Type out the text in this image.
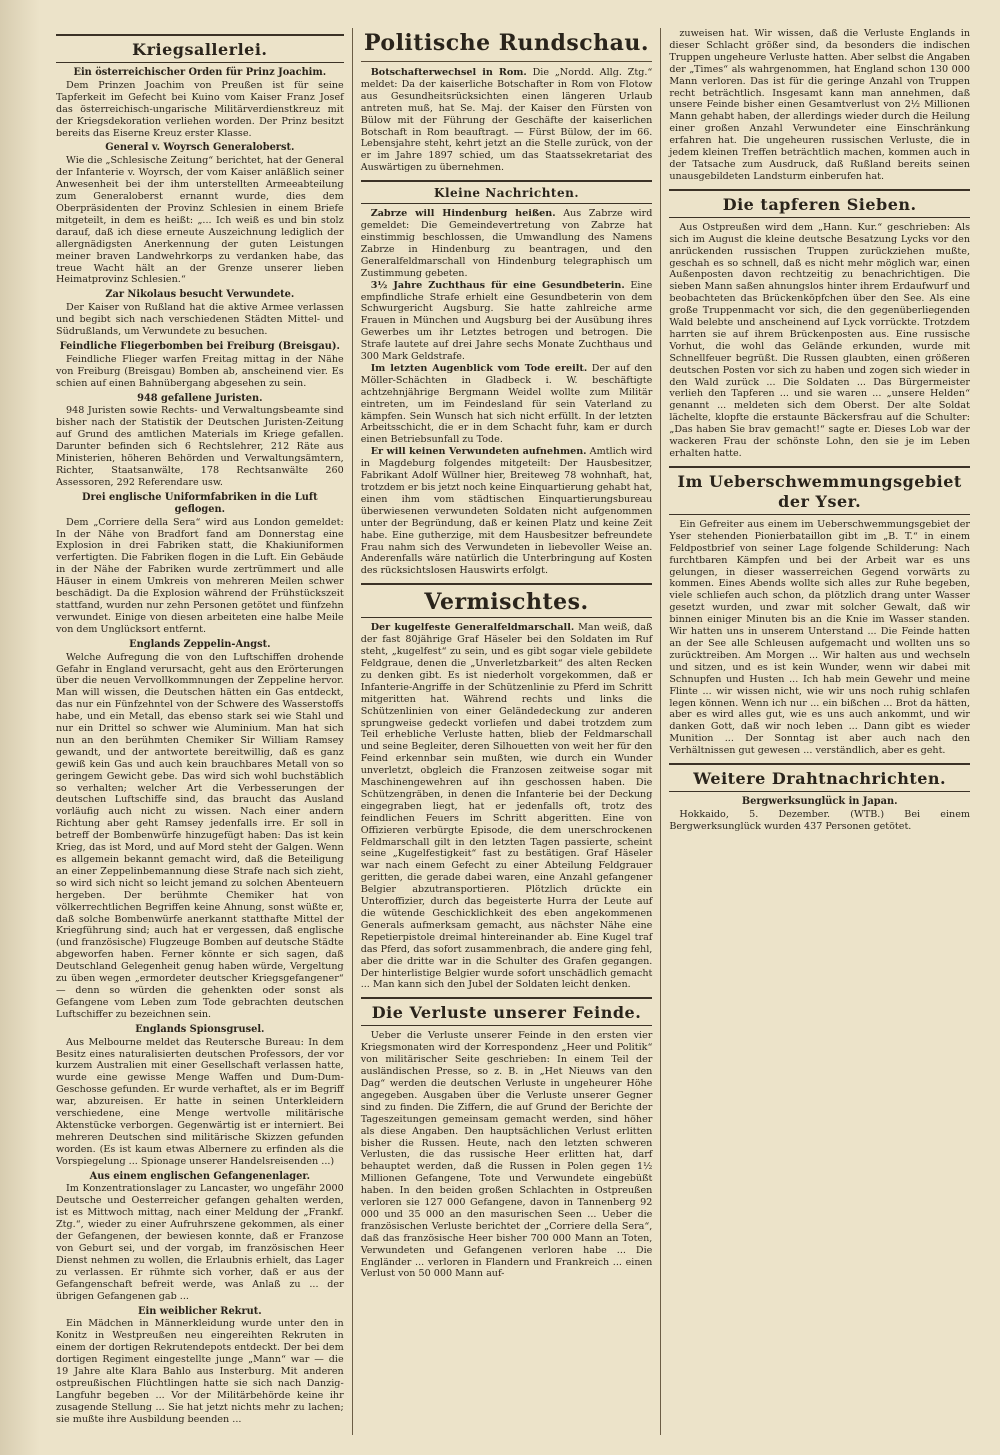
Kriegsallerlei.
Ein österreichischer Orden für Prinz Joachim.

Dem Prinzen Joachim von Preußen ist für seine Tapferkeit im Gefecht bei Kuino vom Kaiser Franz Josef das österreichisch-ungarische Militärverdienstkreuz mit der Kriegsdekoration verliehen worden. Der Prinz besitzt bereits das Eiserne Kreuz erster Klasse.

General v. Woyrsch Generaloberst.

Wie die „Schlesische Zeitung“ berichtet, hat der General der Infanterie v. Woyrsch, der vom Kaiser anläßlich seiner Anwesenheit bei der ihm unterstellten Armeeabteilung zum Generaloberst ernannt wurde, dies dem Oberpräsidenten der Provinz Schlesien in einem Briefe mitgeteilt, in dem es heißt: „... Ich weiß es und bin stolz darauf, daß ich diese erneute Auszeichnung lediglich der allergnädigsten Anerkennung der guten Leistungen meiner braven Landwehrkorps zu verdanken habe, das treue Wacht hält an der Grenze unserer lieben Heimatprovinz Schlesien.“

Zar Nikolaus besucht Verwundete.

Der Kaiser von Rußland hat die aktive Armee verlassen und begibt sich nach verschiedenen Städten Mittel- und Südrußlands, um Verwundete zu besuchen.

Feindliche Fliegerbomben bei Freiburg (Breisgau).

Feindliche Flieger warfen Freitag mittag in der Nähe von Freiburg (Breisgau) Bomben ab, anscheinend vier. Es schien auf einen Bahnübergang abgesehen zu sein.

948 gefallene Juristen.

948 Juristen sowie Rechts- und Verwaltungsbeamte sind bisher nach der Statistik der Deutschen Juristen-Zeitung auf Grund des amtlichen Materials im Kriege gefallen. Darunter befinden sich 6 Rechtslehrer, 212 Räte aus Ministerien, höheren Behörden und Verwaltungsämtern, Richter, Staatsanwälte, 178 Rechtsanwälte 260 Assessoren, 292 Referendare usw.

Drei englische Uniformfabriken in die Luft geflogen.

Dem „Corriere della Sera“ wird aus London gemeldet: In der Nähe von Bradfort fand am Donnerstag eine Explosion in drei Fabriken statt, die Khakiuniformen verfertigten. Die Fabriken flogen in die Luft. Ein Gebäude in der Nähe der Fabriken wurde zertrümmert und alle Häuser in einem Umkreis von mehreren Meilen schwer beschädigt. Da die Explosion während der Frühstückszeit stattfand, wurden nur zehn Personen getötet und fünfzehn verwundet. Einige von diesen arbeiteten eine halbe Meile von dem Unglücksort entfernt.

Englands Zeppelin-Angst.

Welche Aufregung die von den Luftschiffen drohende Gefahr in England verursacht, geht aus den Erörterungen über die neuen Vervollkommnungen der Zeppeline hervor. Man will wissen, die Deutschen hätten ein Gas entdeckt, das nur ein Fünfzehntel von der Schwere des Wasserstoffs habe, und ein Metall, das ebenso stark sei wie Stahl und nur ein Drittel so schwer wie Aluminium. Man hat sich nun an den berühmten Chemiker Sir William Ramsey gewandt, und der antwortete bereitwillig, daß es ganz gewiß kein Gas und auch kein brauchbares Metall von so geringem Gewicht gebe. Das wird sich wohl buchstäblich so verhalten; welcher Art die Verbesserungen der deutschen Luftschiffe sind, das braucht das Ausland vorläufig auch nicht zu wissen. Nach einer andern Richtung aber geht Ramsey jedenfalls irre. Er soll in betreff der Bombenwürfe hinzugefügt haben: Das ist kein Krieg, das ist Mord, und auf Mord steht der Galgen. Wenn es allgemein bekannt gemacht wird, daß die Beteiligung an einer Zeppelinbemannung diese Strafe nach sich zieht, so wird sich nicht so leicht jemand zu solchen Abenteuern hergeben. Der berühmte Chemiker hat von völkerrechtlichen Begriffen keine Ahnung, sonst wüßte er, daß solche Bombenwürfe anerkannt statthafte Mittel der Kriegführung sind; auch hat er vergessen, daß englische (und französische) Flugzeuge Bomben auf deutsche Städte abgeworfen haben. Ferner könnte er sich sagen, daß Deutschland Gelegenheit genug haben würde, Vergeltung zu üben wegen „ermordeter deutscher Kriegsgefangener“ — denn so würden die gehenkten oder sonst als Gefangene vom Leben zum Tode gebrachten deutschen Luftschiffer zu bezeichnen sein.

Englands Spionsgrusel.

Aus Melbourne meldet das Reutersche Bureau: In dem Besitz eines naturalisierten deutschen Professors, der vor kurzem Australien mit einer Gesellschaft verlassen hatte, wurde eine gewisse Menge Waffen und Dum-Dum-Geschosse gefunden. Er wurde verhaftet, als er im Begriff war, abzureisen. Er hatte in seinen Unterkleidern verschiedene, eine Menge wertvolle militärische Aktenstücke verborgen. Gegenwärtig ist er interniert. Bei mehreren Deutschen sind militärische Skizzen gefunden worden. (Es ist kaum etwas Albernere zu erfinden als die Vorspiegelung ... Spionage unserer Handelsreisenden ...)

Aus einem englischen Gefangenenlager.

Im Konzentrationslager zu Lancaster, wo ungefähr 2000 Deutsche und Oesterreicher gefangen gehalten werden, ist es Mittwoch mittag, nach einer Meldung der „Frankf. Ztg.“, wieder zu einer Aufruhrszene gekommen, als einer der Gefangenen, der bewiesen konnte, daß er Franzose von Geburt sei, und der vorgab, im französischen Heer Dienst nehmen zu wollen, die Erlaubnis erhielt, das Lager zu verlassen. Er rühmte sich vorher, daß er aus der Gefangenschaft befreit werde, was Anlaß zu ... der übrigen Gefangenen gab ...

Ein weiblicher Rekrut.

Ein Mädchen in Männerkleidung wurde unter den in Konitz in Westpreußen neu eingereihten Rekruten in einem der dortigen Rekrutendepots entdeckt. Der bei dem dortigen Regiment eingestellte junge „Mann“ war — die 19 Jahre alte Klara Bahlo aus Insterburg. Mit anderen ostpreußischen Flüchtlingen hatte sie sich nach Danzig-Langfuhr begeben ... Vor der Militärbehörde keine ihr zusagende Stellung ... Sie hat jetzt nichts mehr zu lachen; sie mußte ihre Ausbildung beenden ...

Politische Rundschau.

Botschafterwechsel in Rom. Die „Nordd. Allg. Ztg.“ meldet: Da der kaiserliche Botschafter in Rom von Flotow aus Gesundheitsrücksichten einen längeren Urlaub antreten muß, hat Se. Maj. der Kaiser den Fürsten von Bülow mit der Führung der Geschäfte der kaiserlichen Botschaft in Rom beauftragt. — Fürst Bülow, der im 66. Lebensjahre steht, kehrt jetzt an die Stelle zurück, von der er im Jahre 1897 schied, um das Staatssekretariat des Auswärtigen zu übernehmen.

Kleine Nachrichten.

Zabrze will Hindenburg heißen. Aus Zabrze wird gemeldet: Die Gemeindevertretung von Zabrze hat einstimmig beschlossen, die Umwandlung des Namens Zabrze in Hindenburg zu beantragen, und den Generalfeldmarschall von Hindenburg telegraphisch um Zustimmung gebeten.

3½ Jahre Zuchthaus für eine Gesundbeterin. Eine empfindliche Strafe erhielt eine Gesundbeterin von dem Schwurgericht Augsburg. Sie hatte zahlreiche arme Frauen in München und Augsburg bei der Ausübung ihres Gewerbes um ihr Letztes betrogen und betrogen. Die Strafe lautete auf drei Jahre sechs Monate Zuchthaus und 300 Mark Geldstrafe.

Im letzten Augenblick vom Tode ereilt. Der auf den Möller-Schächten in Gladbeck i. W. beschäftigte achtzehnjährige Bergmann Weidel wollte zum Militär eintreten, um im Feindesland für sein Vaterland zu kämpfen. Sein Wunsch hat sich nicht erfüllt. In der letzten Arbeitsschicht, die er in dem Schacht fuhr, kam er durch einen Betriebsunfall zu Tode.

Er will keinen Verwundeten aufnehmen. Amtlich wird in Magdeburg folgendes mitgeteilt: Der Hausbesitzer, Fabrikant Adolf Wüllner hier, Breiteweg 78 wohnhaft, hat, trotzdem er bis jetzt noch keine Einquartierung gehabt hat, einen ihm vom städtischen Einquartierungsbureau überwiesenen verwundeten Soldaten nicht aufgenommen unter der Begründung, daß er keinen Platz und keine Zeit habe. Eine gutherzige, mit dem Hausbesitzer befreundete Frau nahm sich des Verwundeten in liebevoller Weise an. Anderenfalls wäre natürlich die Unterbringung auf Kosten des rücksichtslosen Hauswirts erfolgt.

Vermischtes.

Der kugelfeste Generalfeldmarschall. Man weiß, daß der fast 80jährige Graf Häseler bei den Soldaten im Ruf steht, „kugelfest“ zu sein, und es gibt sogar viele gebildete Feldgraue, denen die „Unverletzbarkeit“ des alten Recken zu denken gibt. Es ist niederholt vorgekommen, daß er Infanterie-Angriffe in der Schützenlinie zu Pferd im Schritt mitgeritten hat. Während rechts und links die Schützenlinien von einer Geländedeckung zur anderen sprungweise gedeckt vorliefen und dabei trotzdem zum Teil erhebliche Verluste hatten, blieb der Feldmarschall und seine Begleiter, deren Silhouetten von weit her für den Feind erkennbar sein mußten, wie durch ein Wunder unverletzt, obgleich die Franzosen zeitweise sogar mit Maschinengewehren auf ihn geschossen haben. Die Schützengräben, in denen die Infanterie bei der Deckung eingegraben liegt, hat er jedenfalls oft, trotz des feindlichen Feuers im Schritt abgeritten. Eine von Offizieren verbürgte Episode, die dem unerschrockenen Feldmarschall gilt in den letzten Tagen passierte, scheint seine „Kugelfestigkeit“ fast zu bestätigen. Graf Häseler war nach einem Gefecht zu einer Abteilung Feldgrauer geritten, die gerade dabei waren, eine Anzahl gefangener Belgier abzutransportieren. Plötzlich drückte ein Unteroffizier, durch das begeisterte Hurra der Leute auf die wütende Geschicklichkeit des eben angekommenen Generals aufmerksam gemacht, aus nächster Nähe eine Repetierpistole dreimal hintereinander ab. Eine Kugel traf das Pferd, das sofort zusammenbrach, die andere ging fehl, aber die dritte war in die Schulter des Grafen gegangen. Der hinterlistige Belgier wurde sofort unschädlich gemacht ... Man kann sich den Jubel der Soldaten leicht denken.

Die Verluste unserer Feinde.

Ueber die Verluste unserer Feinde in den ersten vier Kriegsmonaten wird der Korrespondenz „Heer und Politik“ von militärischer Seite geschrieben: In einem Teil der ausländischen Presse, so z. B. in „Het Nieuws van den Dag“ werden die deutschen Verluste in ungeheurer Höhe angegeben. Ausgaben über die Verluste unserer Gegner sind zu finden. Die Ziffern, die auf Grund der Berichte der Tageszeitungen gemeinsam gemacht werden, sind höher als diese Angaben. Den hauptsächlichen Verlust erlitten bisher die Russen. Heute, nach den letzten schweren Verlusten, die das russische Heer erlitten hat, darf behauptet werden, daß die Russen in Polen gegen 1½ Millionen Gefangene, Tote und Verwundete eingebüßt haben. In den beiden großen Schlachten in Ostpreußen verloren sie 127 000 Gefangene, davon in Tannenberg 92 000 und 35 000 an den masurischen Seen ... Ueber die französischen Verluste berichtet der „Corriere della Sera“, daß das französische Heer bisher 700 000 Mann an Toten, Verwundeten und Gefangenen verloren habe ... Die Engländer ... verloren in Flandern und Frankreich ... einen Verlust von 50 000 Mann auf-

zuweisen hat. Wir wissen, daß die Verluste Englands in dieser Schlacht größer sind, da besonders die indischen Truppen ungeheure Verluste hatten. Aber selbst die Angaben der „Times“ als wahrgenommen, hat England schon 130 000 Mann verloren. Das ist für die geringe Anzahl von Truppen recht beträchtlich. Insgesamt kann man annehmen, daß unsere Feinde bisher einen Gesamtverlust von 2½ Millionen Mann gehabt haben, der allerdings wieder durch die Heilung einer großen Anzahl Verwundeter eine Einschränkung erfahren hat. Die ungeheuren russischen Verluste, die in jedem kleinen Treffen beträchtlich machen, kommen auch in der Tatsache zum Ausdruck, daß Rußland bereits seinen unausgebildeten Landsturm einberufen hat.

Die tapferen Sieben.

Aus Ostpreußen wird dem „Hann. Kur.“ geschrieben: Als sich im August die kleine deutsche Besatzung Lycks vor den anrückenden russischen Truppen zurückziehen mußte, geschah es so schnell, daß es nicht mehr möglich war, einen Außenposten davon rechtzeitig zu benachrichtigen. Die sieben Mann saßen ahnungslos hinter ihrem Erdaufwurf und beobachteten das Brückenköpfchen über den See. Als eine große Truppenmacht vor sich, die den gegenüberliegenden Wald belebte und anscheinend auf Lyck vorrückte. Trotzdem harrten sie auf ihrem Brückenposten aus. Eine russische Vorhut, die wohl das Gelände erkunden, wurde mit Schnellfeuer begrüßt. Die Russen glaubten, einen größeren deutschen Posten vor sich zu haben und zogen sich wieder in den Wald zurück ... Die Soldaten ... Das Bürgermeister verlieh den Tapferen ... und sie waren ... „unsere Helden“ genannt ... meldeten sich dem Oberst. Der alte Soldat lächelte, klopfte die erstaunte Bäckersfrau auf die Schulter: „Das haben Sie brav gemacht!“ sagte er. Dieses Lob war der wackeren Frau der schönste Lohn, den sie je im Leben erhalten hatte.

Im Ueberschwemmungsgebiet der Yser.

Ein Gefreiter aus einem im Ueberschwemmungsgebiet der Yser stehenden Pionierbataillon gibt im „B. T.“ in einem Feldpostbrief von seiner Lage folgende Schilderung: Nach furchtbaren Kämpfen und bei der Arbeit war es uns gelungen, in dieser wasserreichen Gegend vorwärts zu kommen. Eines Abends wollte sich alles zur Ruhe begeben, viele schliefen auch schon, da plötzlich drang unter Wasser gesetzt wurden, und zwar mit solcher Gewalt, daß wir binnen einiger Minuten bis an die Knie im Wasser standen. Wir hatten uns in unserem Unterstand ... Die Feinde hatten an der See alle Schleusen aufgemacht und wollten uns so zurücktreiben. Am Morgen ... Wir halten aus und wechseln und sitzen, und es ist kein Wunder, wenn wir dabei mit Schnupfen und Husten ... Ich hab mein Gewehr und meine Flinte ... wir wissen nicht, wie wir uns noch ruhig schlafen legen können. Wenn ich nur ... ein bißchen ... Brot da hätten, aber es wird alles gut, wie es uns auch ankommt, und wir danken Gott, daß wir noch leben ... Dann gibt es wieder Munition ... Der Sonntag ist aber auch nach den Verhältnissen gut gewesen ... verständlich, aber es geht.

Weitere Drahtnachrichten.
Bergwerksunglück in Japan.

Hokkaido, 5. Dezember. (WTB.) Bei einem Bergwerksunglück wurden 437 Personen getötet.
